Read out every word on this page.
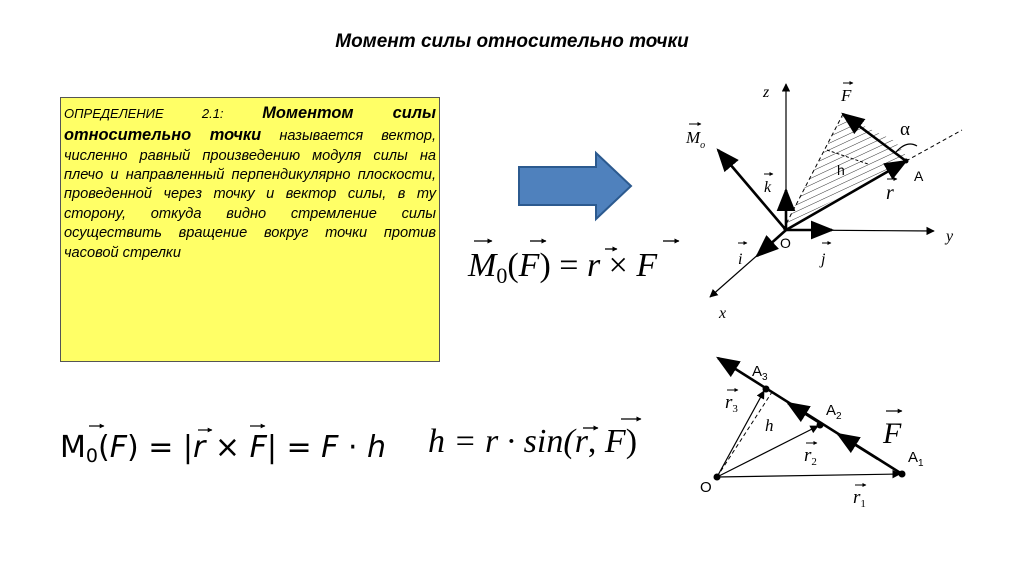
Момент силы относительно точки
ОПРЕДЕЛЕНИЕ 2.1: Моментом силы относительно точки называется вектор, численно равный произведению модуля силы на плечо и направленный перпендикулярно плоскости, проведенной через точку и вектор силы, в ту сторону, откуда видно стремление силы осуществить вращение вокруг точки против часовой стрелки	$M_0(F) = r \times F$
M0(F) = |r × F| = F · h h = r · sin(r, F)
z
y
x
F
$M_o$
k
i	j
r
α
h	A
O
O
$A_1$
$A_2$
$A_3$
h	F
$r_1$
$r_2$
$r_3$
